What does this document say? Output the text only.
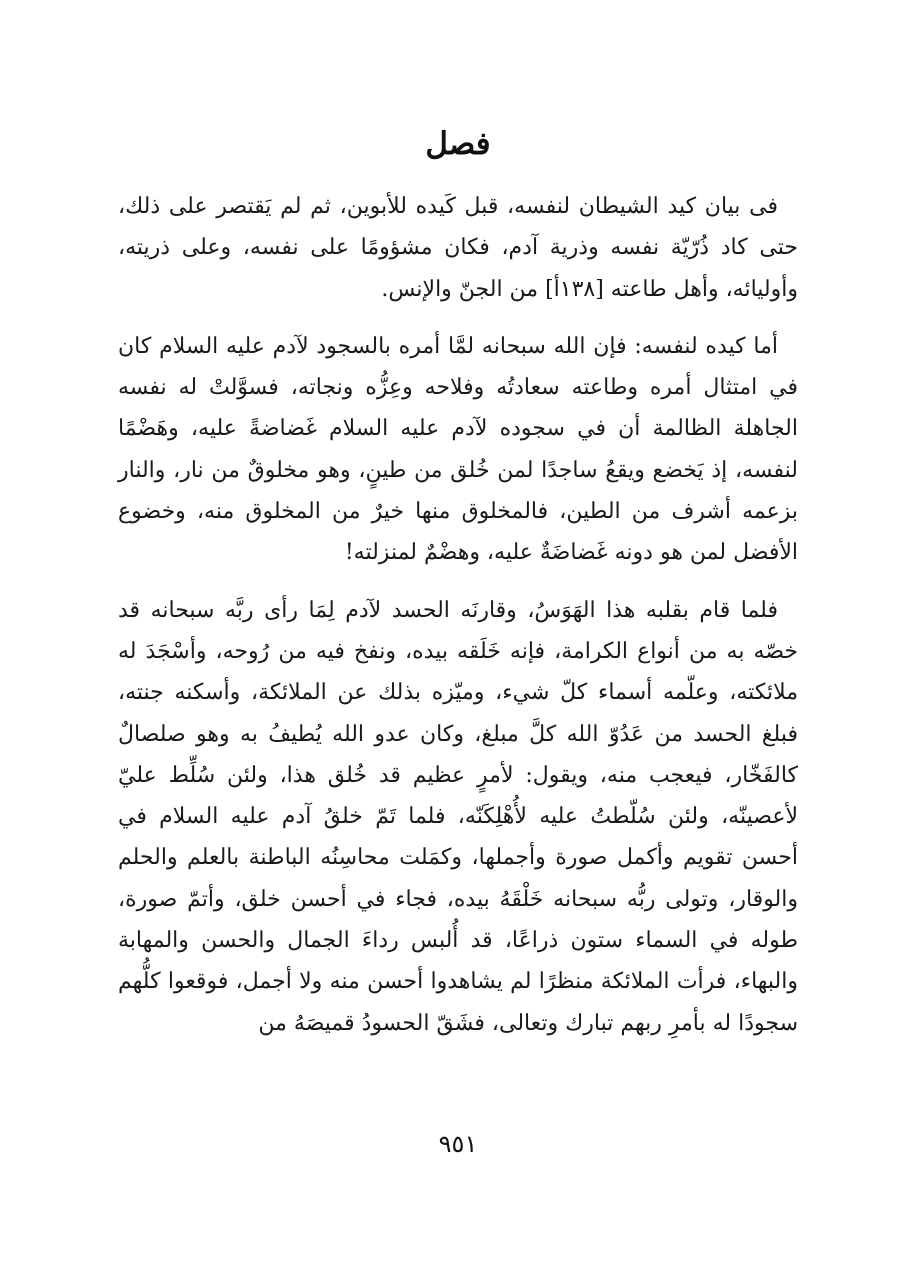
فصل

فى بيان كيد الشيطان لنفسه، قبل كَيده للأبوين، ثم لم يَقتصر على ذلك، حتى كاد ذُرّيّة نفسه وذرية آدم، فكان مشؤومًا على نفسه، وعلى ذريته، وأوليائه، وأهل طاعته [١٣٨أ] من الجنّ والإنس.

أما كيده لنفسه: فإن الله سبحانه لمَّا أمره بالسجود لآدم عليه السلام كان في امتثال أمره وطاعته سعادتُه وفلاحه وعِزُّه ونجاته، فسوَّلتْ له نفسه الجاهلة الظالمة أن في سجوده لآدم عليه السلام غَضاضةً عليه، وهَضْمًا لنفسه، إذ يَخضع ويقعُ ساجدًا لمن خُلق من طينٍ، وهو مخلوقٌ من نار، والنار بزعمه أشرف من الطين، فالمخلوق منها خيرٌ من المخلوق منه، وخضوع الأفضل لمن هو دونه غَضاضَةٌ عليه، وهضْمٌ لمنزلته!

فلما قام بقلبه هذا الهَوَسُ، وقارنَه الحسد لآدم لِمَا رأى ربَّه سبحانه قد خصّه به من أنواع الكرامة، فإنه خَلَقه بيده، ونفخ فيه من رُوحه، وأسْجَدَ له ملائكته، وعلّمه أسماء كلّ شيء، وميّزه بذلك عن الملائكة، وأسكنه جنته، فبلغ الحسد من عَدُوّ الله كلَّ مبلغ، وكان عدو الله يُطيفُ به وهو صلصالٌ كالفَخّار، فيعجب منه، ويقول: لأمرٍ عظيم قد خُلق هذا، ولئن سُلِّط عليّ لأعصينّه، ولئن سُلّطتُ عليه لأُهْلِكَنّه، فلما تَمّ خلقُ آدم عليه السلام في أحسن تقويم وأكمل صورة وأجملها، وكمَلت محاسِنُه الباطنة بالعلم والحلم والوقار، وتولى ربُّه سبحانه خَلْقَهُ بيده، فجاء في أحسن خلق، وأتمّ صورة، طوله في السماء ستون ذراعًا، قد أُلبس رداءَ الجمال والحسن والمهابة والبهاء، فرأت الملائكة منظرًا لم يشاهدوا أحسن منه ولا أجمل، فوقعوا كلُّهم سجودًا له بأمرِ ربهم تبارك وتعالى، فشَقّ الحسودُ قميصَهُ من

٩٥١
